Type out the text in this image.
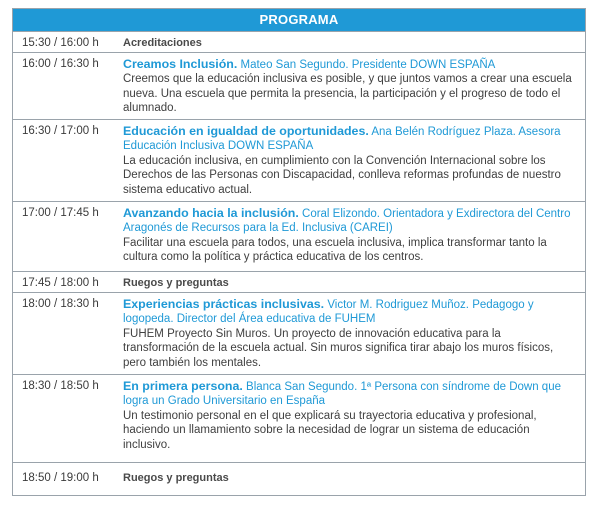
PROGRAMA
15:30 / 16:00 h	Acreditaciones
16:00 / 16:30 h	Creamos Inclusión. Mateo San Segundo. Presidente DOWN ESPAÑA
Creemos que la educación inclusiva es posible, y que juntos vamos a crear una escuela nueva. Una escuela que permita la presencia, la participación y el progreso de todo el alumnado.
16:30 / 17:00 h	Educación en igualdad de oportunidades. Ana Belén Rodríguez Plaza. Asesora Educación Inclusiva DOWN ESPAÑA
La educación inclusiva, en cumplimiento con la Convención Internacional sobre los Derechos de las Personas con Discapacidad, conlleva reformas profundas de nuestro sistema educativo actual.
17:00 / 17:45 h	Avanzando hacia la inclusión. Coral Elizondo. Orientadora y Exdirectora del Centro Aragonés de Recursos para la Ed. Inclusiva (CAREI)
Facilitar una escuela para todos, una escuela inclusiva, implica transformar tanto la cultura como la política y práctica educativa de los centros.
17:45 / 18:00 h	Ruegos y preguntas
18:00 / 18:30 h	Experiencias prácticas inclusivas. Victor M. Rodriguez Muñoz. Pedagogo y logopeda. Director del Área educativa de FUHEM
FUHEM Proyecto Sin Muros. Un proyecto de innovación educativa para la transformación de la escuela actual. Sin muros significa tirar abajo los muros físicos, pero también los mentales.
18:30 / 18:50 h	En primera persona. Blanca San Segundo. 1ª Persona con síndrome de Down que logra un Grado Universitario en España
Un testimonio personal en el que explicará su trayectoria educativa y profesional, haciendo un llamamiento sobre la necesidad de lograr un sistema de educación inclusivo.
18:50 / 19:00 h	Ruegos y preguntas
